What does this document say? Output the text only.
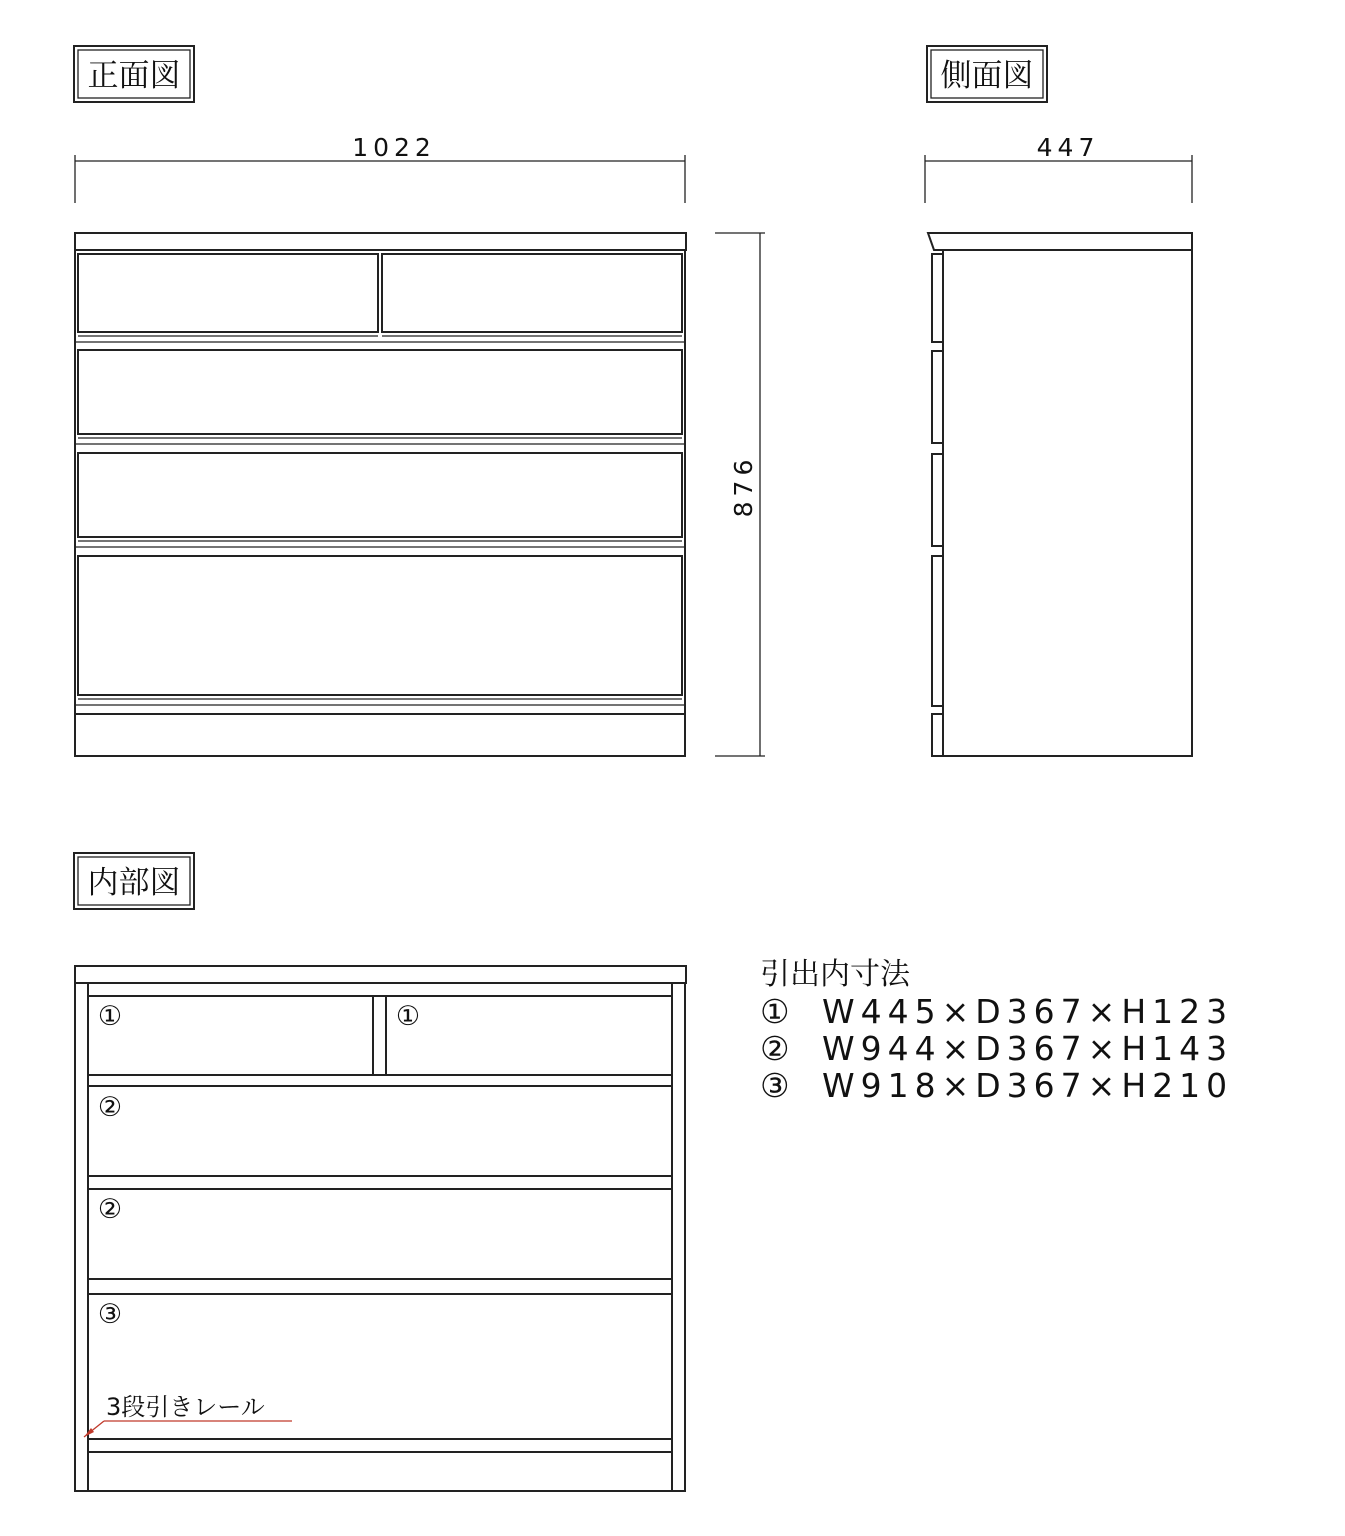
正面図
1022
876
側面図
447
内部図
①	①
②
②
③
3段引きレール
引出内寸法
① W445×D367×H123
② W944×D367×H143
③ W918×D367×H210
